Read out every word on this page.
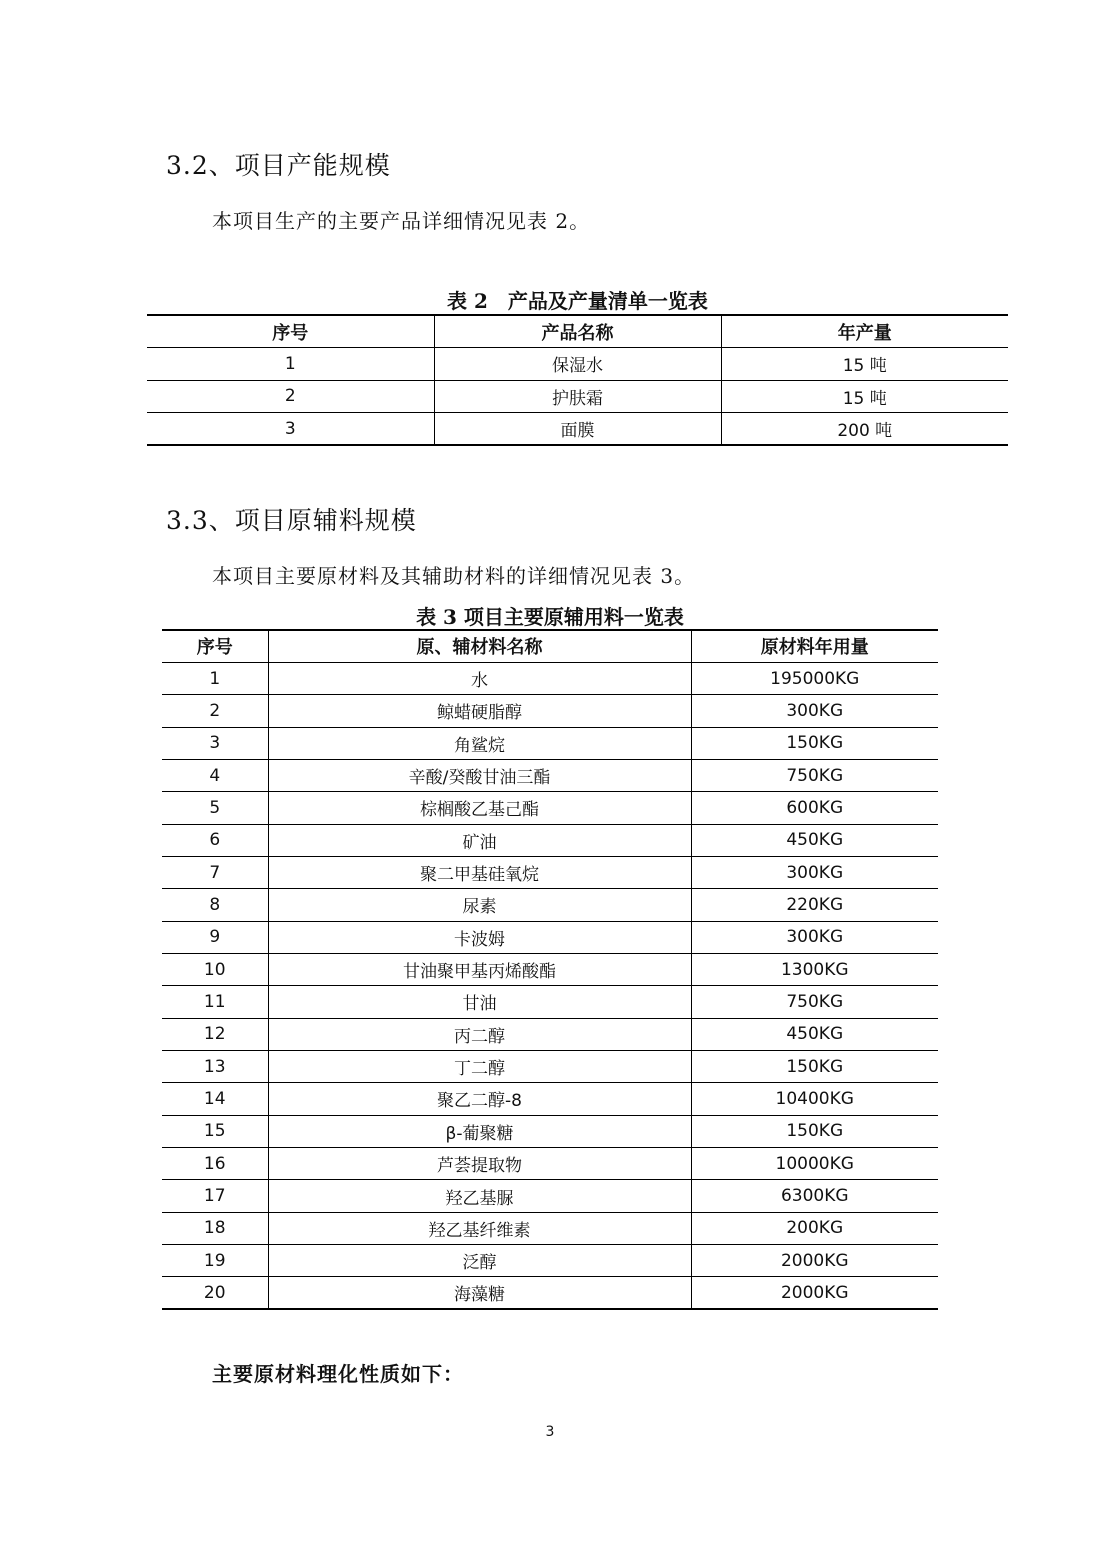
3.2、项目产能规模

本项目生产的主要产品详细情况见表 2。

表 2　产品及产量清单一览表

序号	产品名称	年产量
1	保湿水	15 吨
2	护肤霜	15 吨
3	面膜	200 吨
3.3、项目原辅料规模

本项目主要原材料及其辅助材料的详细情况见表 3。

表 3 项目主要原辅用料一览表

序号	原、辅材料名称	原材料年用量
1	水	195000KG
2	鲸蜡硬脂醇	300KG
3	角鲨烷	150KG
4	辛酸/癸酸甘油三酯	750KG
5	棕榈酸乙基己酯	600KG
6	矿油	450KG
7	聚二甲基硅氧烷	300KG
8	尿素	220KG
9	卡波姆	300KG
10	甘油聚甲基丙烯酸酯	1300KG
11	甘油	750KG
12	丙二醇	450KG
13	丁二醇	150KG
14	聚乙二醇-8	10400KG
15	β-葡聚糖	150KG
16	芦荟提取物	10000KG
17	羟乙基脲	6300KG
18	羟乙基纤维素	200KG
19	泛醇	2000KG
20	海藻糖	2000KG

主要原材料理化性质如下：

3
